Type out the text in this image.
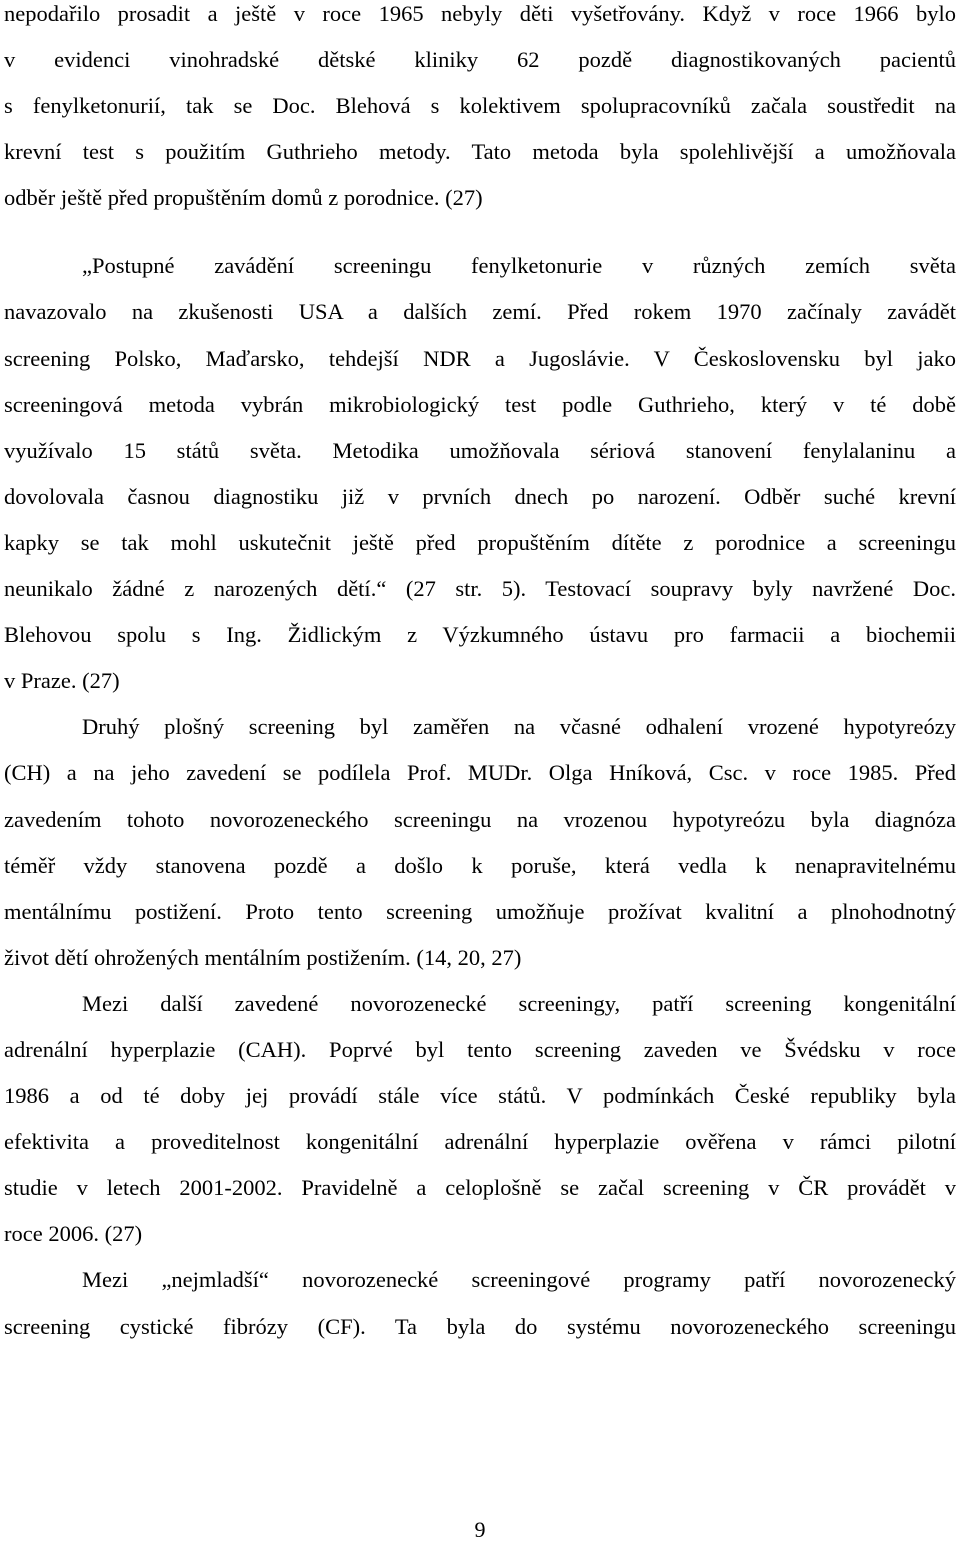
nepodařilo prosadit a ještě v roce 1965 nebyly děti vyšetřovány. Když v roce 1966 bylo
v evidenci vinohradské dětské kliniky 62 pozdě diagnostikovaných pacientů
s fenylketonurií, tak se Doc. Blehová s kolektivem spolupracovníků začala soustředit na
krevní test s použitím Guthrieho metody. Tato metoda byla spolehlivější a umožňovala
odběr ještě před propuštěním domů z porodnice. (27)
„Postupné zavádění screeningu fenylketonurie v různých zemích světa
navazovalo na zkušenosti USA a dalších zemí. Před rokem 1970 začínaly zavádět
screening Polsko, Maďarsko, tehdejší NDR a Jugoslávie. V Československu byl jako
screeningová metoda vybrán mikrobiologický test podle Guthrieho, který v té době
využívalo 15 států světa. Metodika umožňovala sériová stanovení fenylalaninu a
dovolovala časnou diagnostiku již v prvních dnech po narození. Odběr suché krevní
kapky se tak mohl uskutečnit ještě před propuštěním dítěte z porodnice a screeningu
neunikalo žádné z narozených dětí.“ (27 str. 5). Testovací soupravy byly navržené Doc.
Blehovou spolu s Ing. Židlickým z Výzkumného ústavu pro farmacii a biochemii
v Praze. (27)
Druhý plošný screening byl zaměřen na včasné odhalení vrozené hypotyreózy
(CH) a na jeho zavedení se podílela Prof. MUDr. Olga Hníková, Csc. v roce 1985. Před
zavedením tohoto novorozeneckého screeningu na vrozenou hypotyreózu byla diagnóza
téměř vždy stanovena pozdě a došlo k poruše, která vedla k nenapravitelnému
mentálnímu postižení. Proto tento screening umožňuje prožívat kvalitní a plnohodnotný
život dětí ohrožených mentálním postižením. (14, 20, 27)
Mezi další zavedené novorozenecké screeningy, patří screening kongenitální
adrenální hyperplazie (CAH). Poprvé byl tento screening zaveden ve Švédsku v roce
1986 a od té doby jej provádí stále více států. V podmínkách České republiky byla
efektivita a proveditelnost kongenitální adrenální hyperplazie ověřena v rámci pilotní
studie v letech 2001-2002. Pravidelně a celoplošně se začal screening v ČR provádět v
roce 2006. (27)
Mezi „nejmladší“ novorozenecké screeningové programy patří novorozenecký
screening cystické fibrózy (CF). Ta byla do systému novorozeneckého screeningu
9
